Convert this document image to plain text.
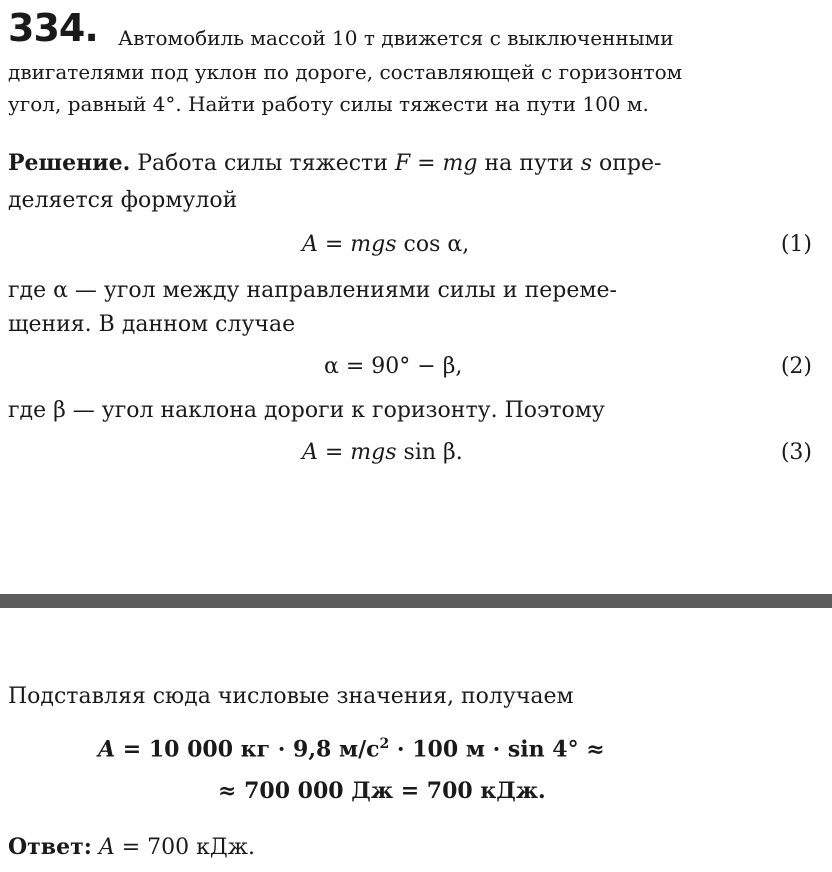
334. Автомобиль массой 10 т движется с выключенными
двигателями под уклон по дороге, составляющей с горизонтом
угол, равный 4°. Найти работу силы тяжести на пути 100 м.
Решение. Работа силы тяжести F = mg на пути s опре-
деляется формулой
A = mgs cos α,	(1)
где α — угол между направлениями силы и переме-
щения. В данном случае
α = 90° − β,	(2)
где β — угол наклона дороги к горизонту. Поэтому
A = mgs sin β.	(3)
Подставляя сюда числовые значения, получаем
A = 10 000 кг · 9,8 $м/с^2 \cdot 100$ м · sin 4° ≈
≈ 700 000 Дж = 700 кДж.
Ответ: A = 700 кДж.
